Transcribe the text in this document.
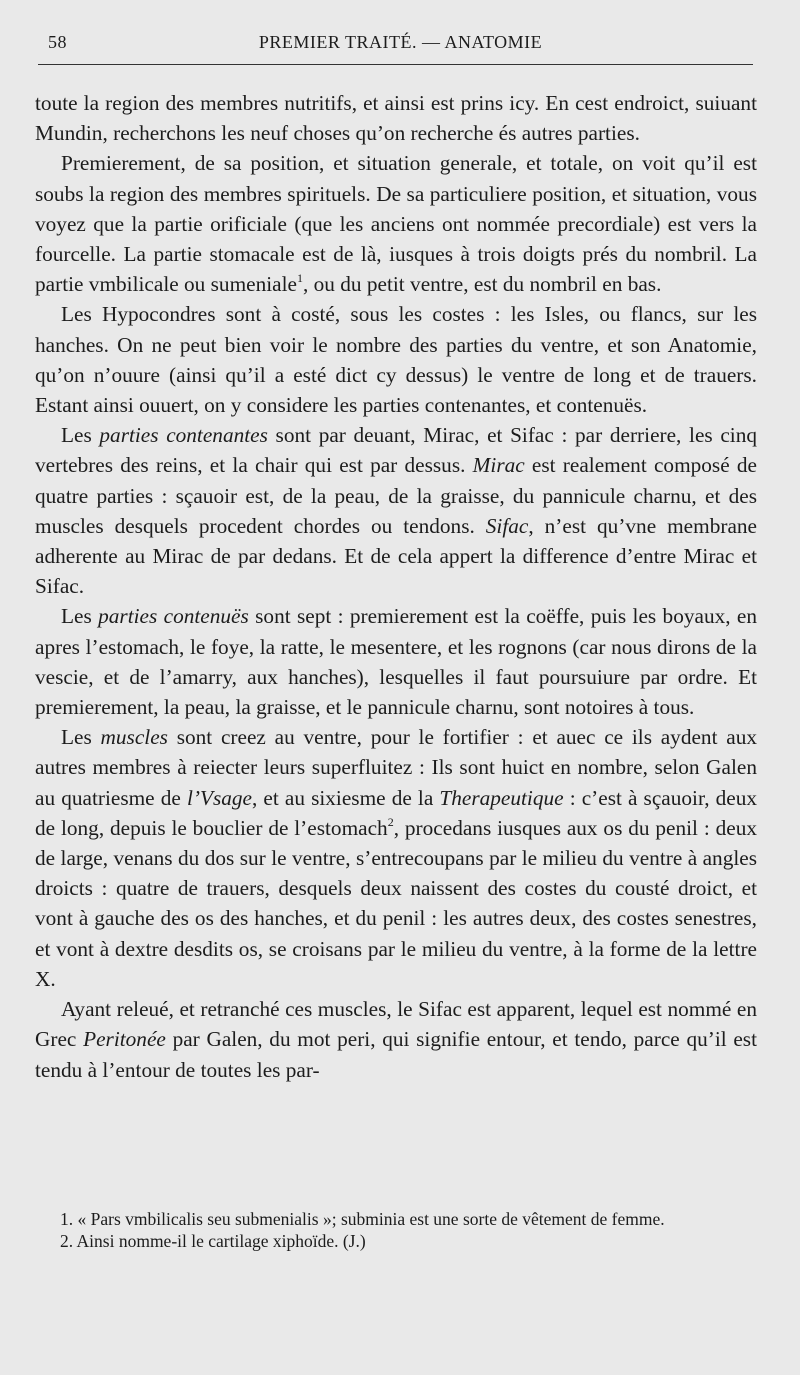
58	PREMIER TRAITÉ. — ANATOMIE

toute la region des membres nutritifs, et ainsi est prins icy. En cest endroict, suiuant Mundin, recherchons les neuf choses qu’on recherche és autres parties.

Premierement, de sa position, et situation generale, et totale, on voit qu’il est soubs la region des membres spirituels. De sa particuliere position, et situation, vous voyez que la partie orificiale (que les anciens ont nommée precordiale) est vers la fourcelle. La partie stomacale est de là, iusques à trois doigts prés du nombril. La partie vmbilicale ou sumeniale$^1$, ou du petit ventre, est du nombril en bas.

Les Hypocondres sont à costé, sous les costes : les Isles, ou flancs, sur les hanches. On ne peut bien voir le nombre des parties du ventre, et son Anatomie, qu’on n’ouure (ainsi qu’il a esté dict cy dessus) le ventre de long et de trauers. Estant ainsi ouuert, on y considere les parties contenantes, et contenuës.

Les parties contenantes sont par deuant, Mirac, et Sifac : par derriere, les cinq vertebres des reins, et la chair qui est par dessus. Mirac est realement composé de quatre parties : sçauoir est, de la peau, de la graisse, du pannicule charnu, et des muscles desquels procedent chordes ou tendons. Sifac, n’est qu’vne membrane adherente au Mirac de par dedans. Et de cela appert la difference d’entre Mirac et Sifac.

Les parties contenuës sont sept : premierement est la coëffe, puis les boyaux, en apres l’estomach, le foye, la ratte, le mesentere, et les rognons (car nous dirons de la vescie, et de l’amarry, aux hanches), lesquelles il faut poursuiure par ordre. Et premierement, la peau, la graisse, et le pannicule charnu, sont notoires à tous.

Les muscles sont creez au ventre, pour le fortifier : et auec ce ils aydent aux autres membres à reiecter leurs superfluitez : Ils sont huict en nombre, selon Galen au quatriesme de l’Vsage, et au sixiesme de la Therapeutique : c’est à sçauoir, deux de long, depuis le bouclier de l’estomach$^2$, procedans iusques aux os du penil : deux de large, venans du dos sur le ventre, s’entrecoupans par le milieu du ventre à angles droicts : quatre de trauers, desquels deux naissent des costes du cousté droict, et vont à gauche des os des hanches, et du penil : les autres deux, des costes senestres, et vont à dextre desdits os, se croisans par le milieu du ventre, à la forme de la lettre X.

Ayant releué, et retranché ces muscles, le Sifac est apparent, lequel est nommé en Grec Peritonée par Galen, du mot peri, qui signifie entour, et tendo, parce qu’il est tendu à l’entour de toutes les par-

1. « Pars vmbilicalis seu submenialis »; subminia est une sorte de vêtement de femme.

2. Ainsi nomme-il le cartilage xiphoïde. (J.)
